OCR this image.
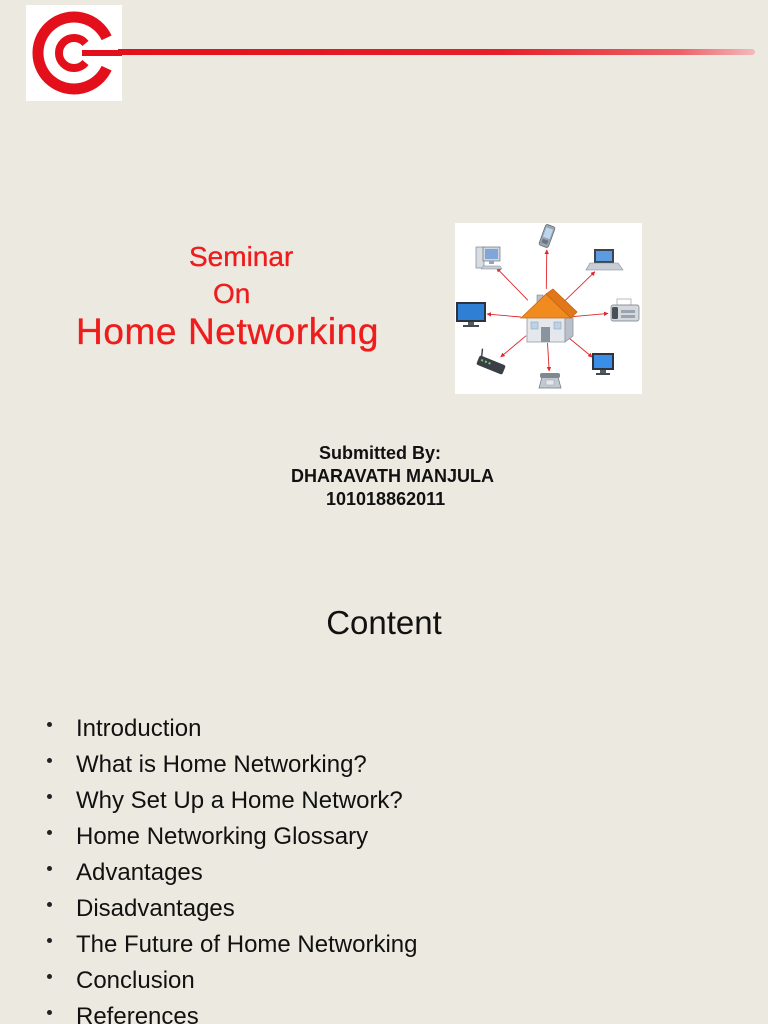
Seminar
On
Home Networking
Submitted By:
DHARAVATH MANJULA
101018862011
Content
Introduction
What is Home Networking?
Why Set Up a Home Network?
Home Networking Glossary
Advantages
Disadvantages
The Future of Home Networking
Conclusion
References
